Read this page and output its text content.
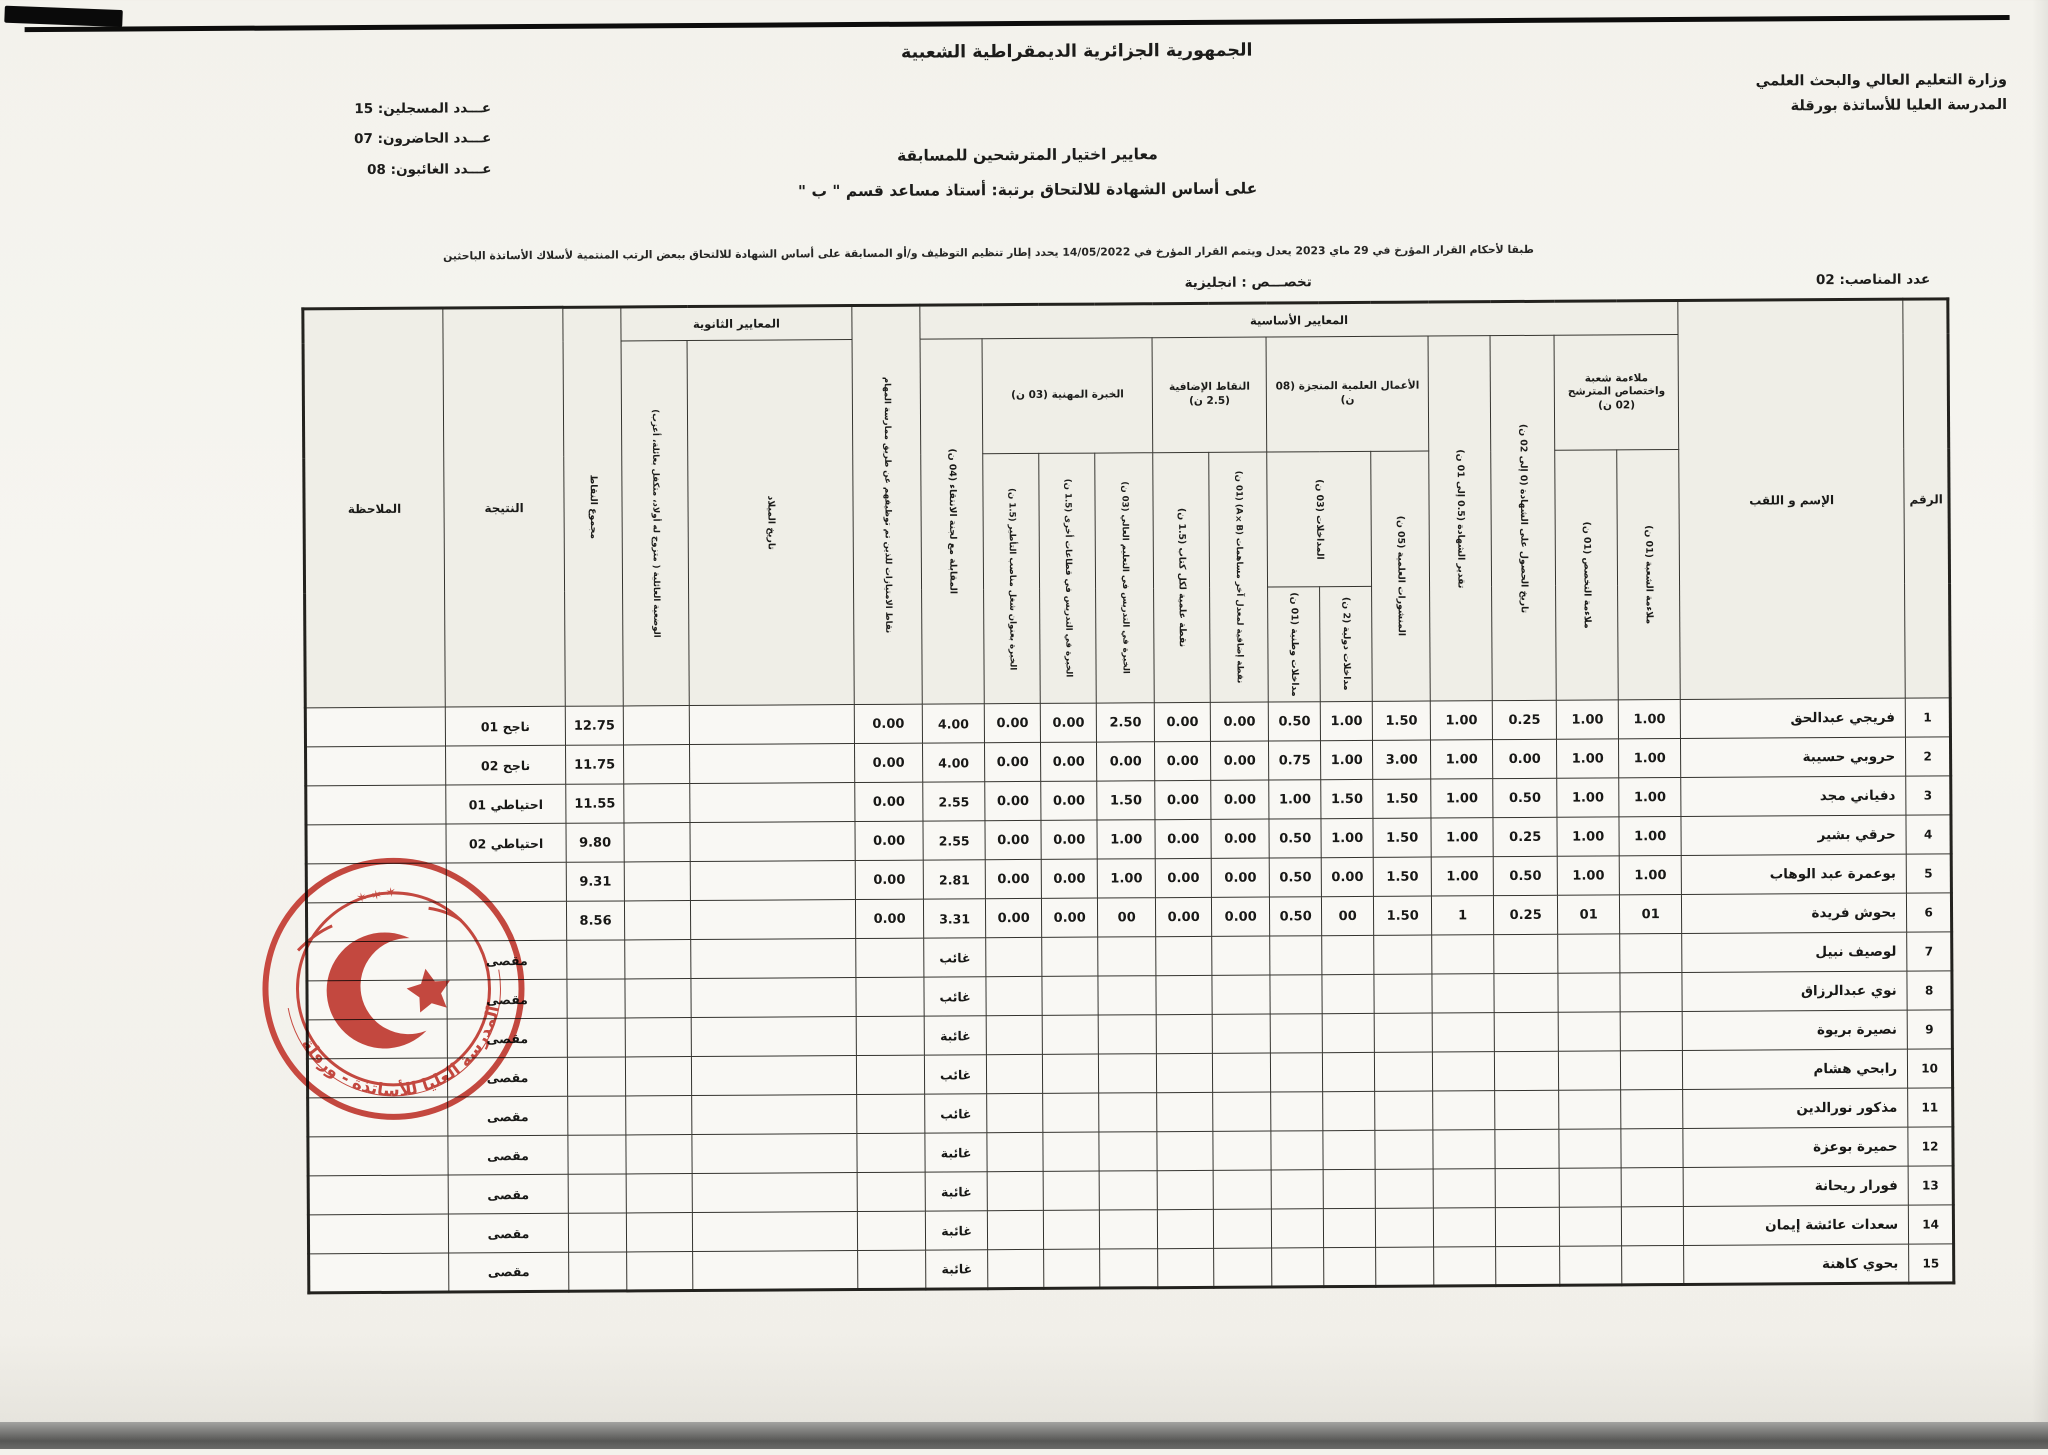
الجمهورية الجزائرية الديمقراطية الشعبية
وزارة التعليم العالي والبحث العلمي
المدرسة العليا للأساتذة بورقلة
عـــدد المسجلين: 15
عـــدد الحاضرون: 07
عـــدد الغائبون: 08
معايير اختيار المترشحين للمسابقة
على أساس الشهادة للالتحاق برتبة: أستاذ مساعد قسم " ب "
طبقا لأحكام القرار المؤرخ في 29 ماي 2023 يعدل ويتمم القرار المؤرخ في 14/05/2022 يحدد إطار تنظيم التوظيف و/أو المسابقة على أساس الشهادة للالتحاق ببعض الرتب المنتمية لأسلاك الأساتذة الباحثين
عدد المناصب: 02
تخصـــص : انجليزية
الرقم	الإسم و اللقب	المعايير الأساسية													نقاط الامتيازات للذين تم توظيفهم عن طريق ممارسة المهام	المعايير الثانوية		مجموع النقاط	النتيجة	الملاحظة
		ملاءمة شعبة واختصاص المترشح (02 ن)		تاريخ الحصول على الشهادة (0 إلى 02 ن)	تقدير الشهادة (0.5 إلى 01 ن)	الأعمال العلمية المنجزة (08 ن)			النقاط الإضافية (2.5 ن)		الخبرة المهنية (03 ن)			المقابلة مع لجنة الانتقاء (04 ن)		تاريخ الميلاد	الوضعية العائلية ( متزوج له أولاد، متكفل بعائلة، أعزب)			
		ملاءمة الشعبة (01 ن)	ملاءمة التخصص (01 ن)			المنشورات العلمية (05 ن)	المداخلات (03 ن)		نقطة إضافية لمعدل آخر مساهمات (A×B) (01 ن)	نقطة علمية لكل كتاب (1.5 ن)	الخبرة في التدريس في التعليم العالي (03 ن)	الخبرة في التدريس في قطاعات أخرى (1.5 ن)	الخبرة بعنوان شغل مناصب التأطير (1.5 ن)							
							مداخلات دولية (2 ن)	مداخلات وطنية (01 ن)												
1	فريجي عبدالحق	1.00	1.00	0.25	1.00	1.50	1.00	0.50	0.00	0.00	2.50	0.00	0.00	4.00	0.00			12.75	ناجح 01	
2	حروبي حسيبة	1.00	1.00	0.00	1.00	3.00	1.00	0.75	0.00	0.00	0.00	0.00	0.00	4.00	0.00			11.75	ناجح 02	
3	دفياني مجد	1.00	1.00	0.50	1.00	1.50	1.50	1.00	0.00	0.00	1.50	0.00	0.00	2.55	0.00			11.55	احتياطي 01	
4	حرقي بشير	1.00	1.00	0.25	1.00	1.50	1.00	0.50	0.00	0.00	1.00	0.00	0.00	2.55	0.00			9.80	احتياطي 02	
5	بوعمرة عبد الوهاب	1.00	1.00	0.50	1.00	1.50	0.00	0.50	0.00	0.00	1.00	0.00	0.00	2.81	0.00			9.31		
6	بحوش فريدة	01	01	0.25	1	1.50	00	0.50	0.00	0.00	00	0.00	0.00	3.31	0.00			8.56		
7	لوصيف نبيل													غائب					مقصى	
8	نوي عبدالرزاق													غائب					مقصى	
9	نصيرة بريوة													غائبة					مقصى	
10	رابحي هشام													غائب					مقصى	
11	مذكور نورالدين													غائب					مقصى	
12	حميرة بوعزة													غائبة					مقصى	
13	فورار ريحانة													غائبة					مقصى	
14	سعدات عائشة إيمان													غائبة					مقصى	
15	بحوي كاهنة													غائبة					مقصى	
المدرسة العليا للأساتذة - ورقلة
✶ ✶ ✶
